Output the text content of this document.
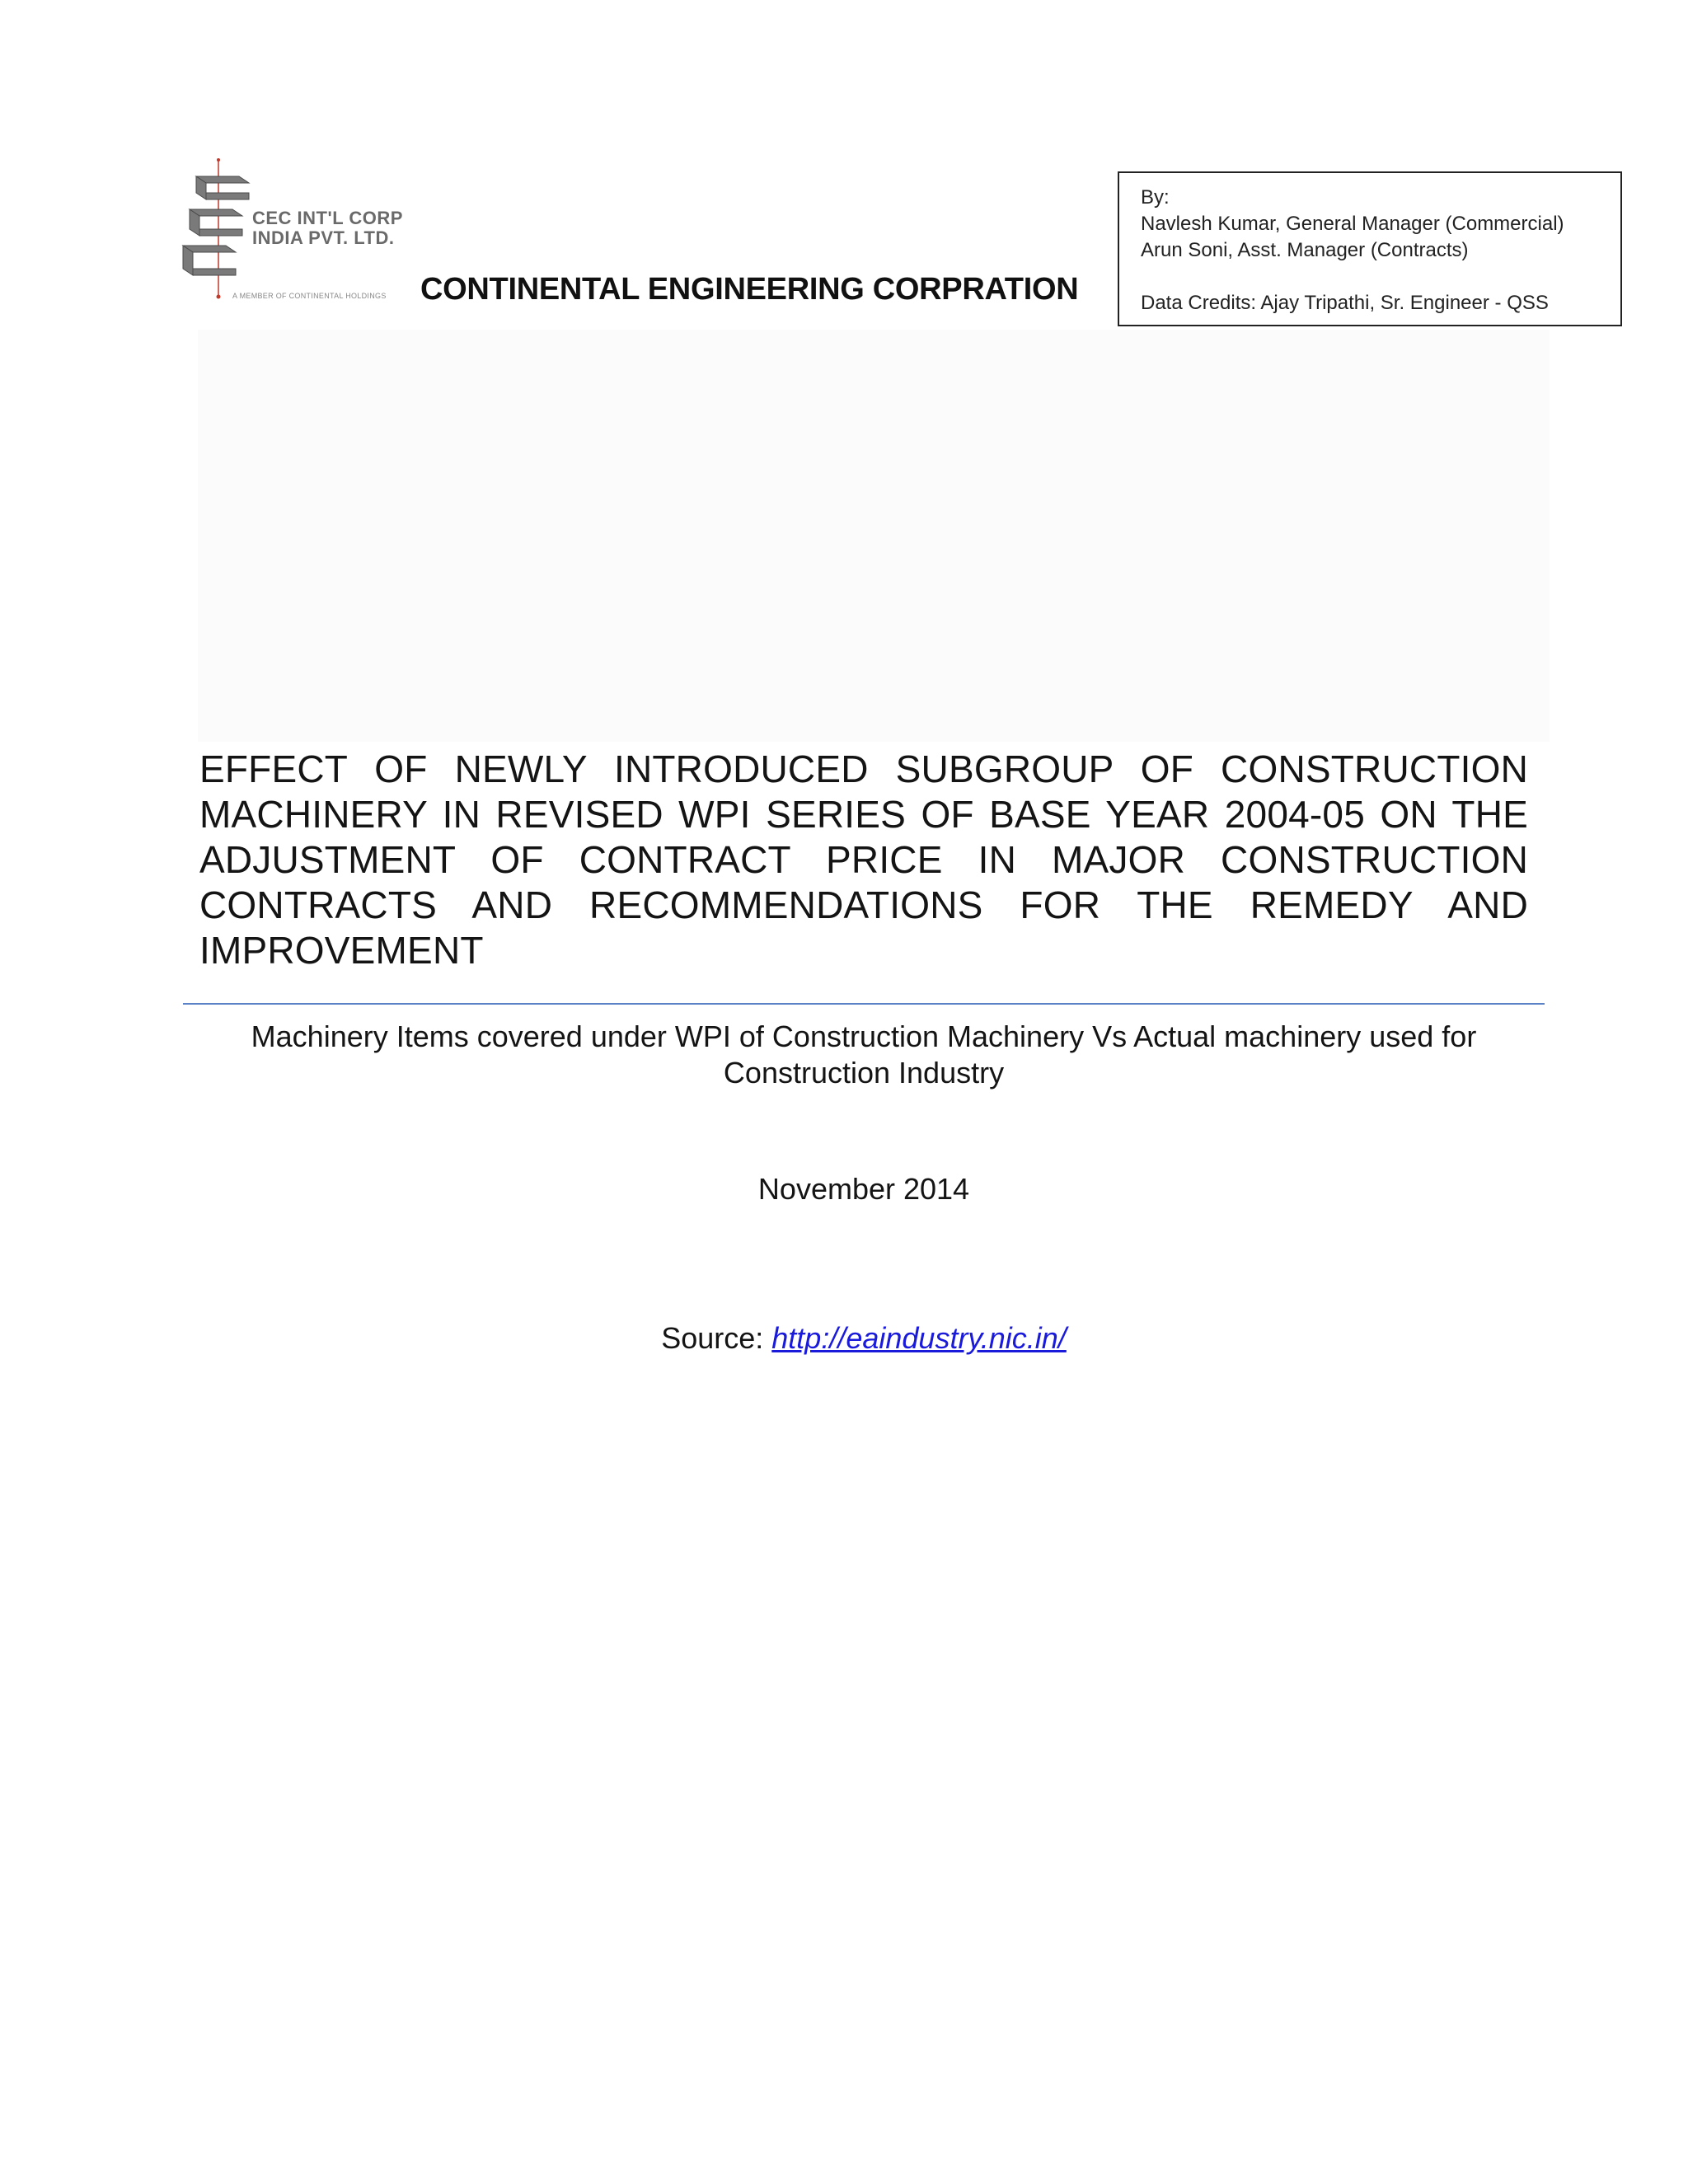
CEC INT'L CORP
INDIA PVT. LTD.
A MEMBER OF CONTINENTAL HOLDINGS CONTINENTAL ENGINEERING CORPRATION
By:
Navlesh Kumar, General Manager (Commercial)
Arun Soni, Asst. Manager (Contracts)
Data Credits: Ajay Tripathi, Sr. Engineer - QSS
EFFECT OF NEWLY INTRODUCED SUBGROUP OF CONSTRUCTION MACHINERY IN REVISED WPI SERIES OF BASE YEAR 2004-05 ON THE ADJUSTMENT OF CONTRACT PRICE IN MAJOR CONSTRUCTION CONTRACTS AND RECOMMENDATIONS FOR THE REMEDY AND IMPROVEMENT
Machinery Items covered under WPI of Construction Machinery Vs Actual machinery used for
Construction Industry
November 2014
Source: http://eaindustry.nic.in/
